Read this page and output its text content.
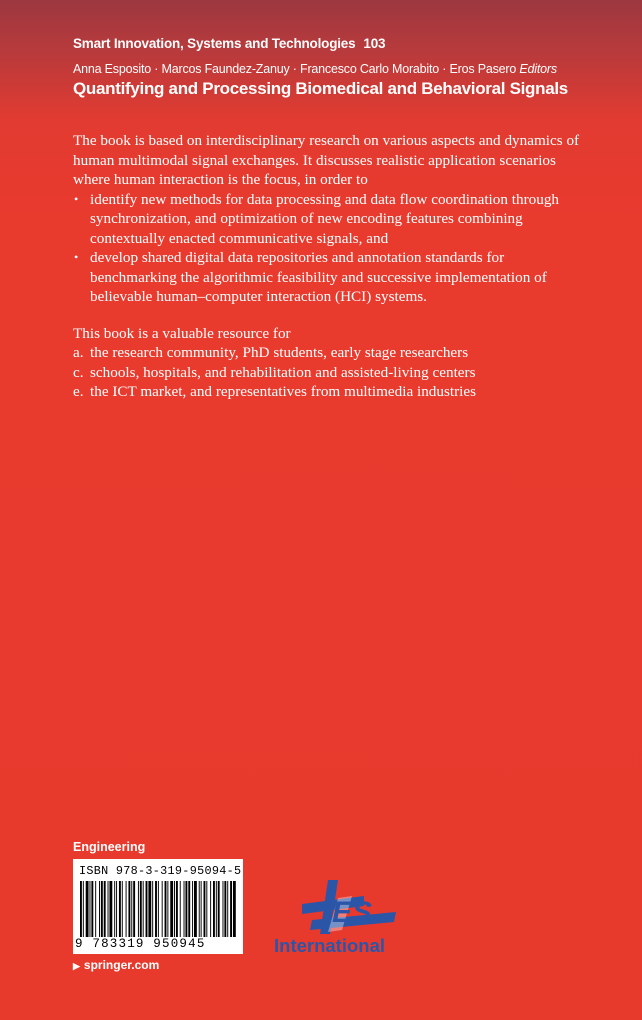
Smart Innovation, Systems and Technologies 103
Anna Esposito · Marcos Faundez-Zanuy · Francesco Carlo Morabito · Eros Pasero Editors
Quantifying and Processing Biomedical and Behavioral Signals

The book is based on interdisciplinary research on various aspects and dynamics of human multimodal signal exchanges. It discusses realistic application scenarios where human interaction is the focus, in order to

• identify new methods for data processing and data flow coordination through synchronization, and optimization of new encoding features combining contextually enacted communicative signals, and
• develop shared digital data repositories and annotation standards for benchmarking the algorithmic feasibility and successive implementation of believable human–computer interaction (HCI) systems.

This book is a valuable resource for

a. the research community, PhD students, early stage researchers
c. schools, hospitals, and rehabilitation and assisted-living centers
e. the ICT market, and representatives from multimedia industries
Engineering
ISBN 978-3-319-95094-5
9 783319 950945
ES
International
▶ springer.com
